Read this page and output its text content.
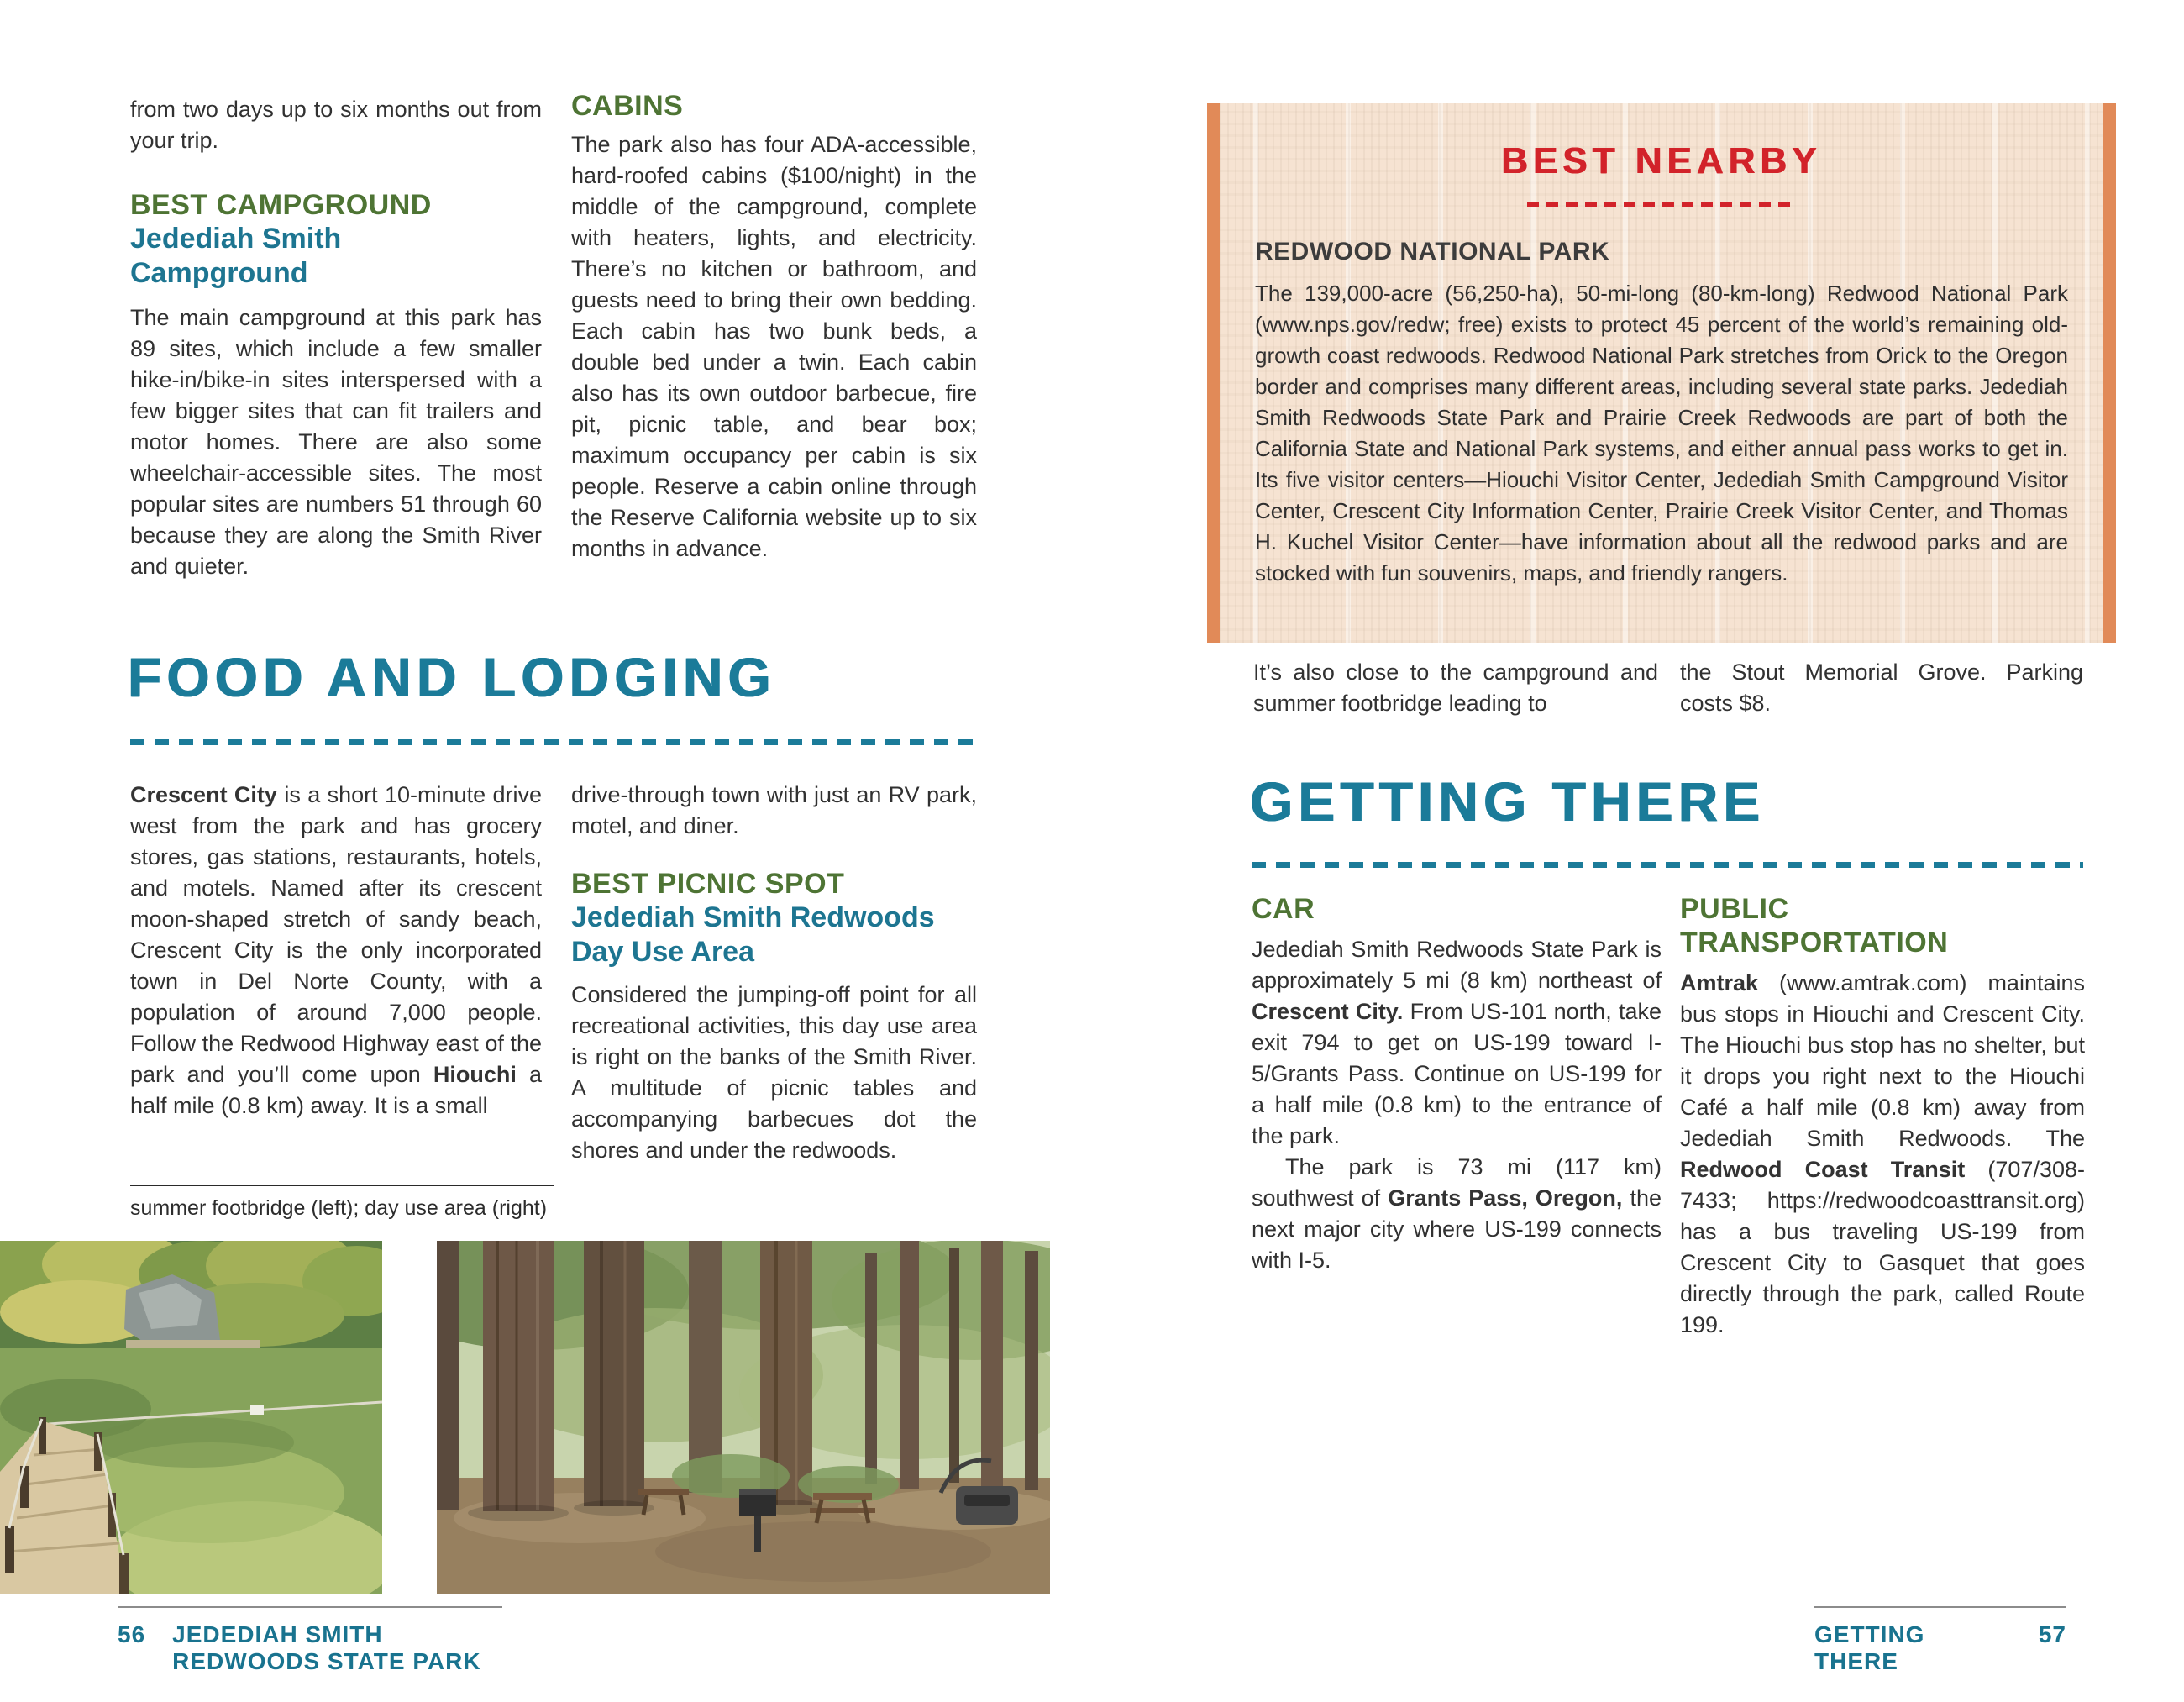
from two days up to six months out from your trip.

BEST CAMPGROUND
Jedediah Smith Campground

The main campground at this park has 89 sites, which include a few smaller hike-in/bike-in sites interspersed with a few bigger sites that can fit trailers and motor homes. There are also some wheelchair-accessible sites. The most popular sites are numbers 51 through 60 because they are along the Smith River and quieter.

CABINS

The park also has four ADA-accessible, hard-roofed cabins ($100/night) in the middle of the campground, complete with heaters, lights, and electricity. There’s no kitchen or bathroom, and guests need to bring their own bedding. Each cabin has two bunk beds, a double bed under a twin. Each cabin also has its own outdoor barbecue, fire pit, picnic table, and bear box; maximum occupancy per cabin is six people. Reserve a cabin online through the Reserve California website up to six months in advance.

FOOD AND LODGING

Crescent City is a short 10-minute drive west from the park and has grocery stores, gas stations, restaurants, hotels, and motels. Named after its crescent moon-shaped stretch of sandy beach, Crescent City is the only incorporated town in Del Norte County, with a population of around 7,000 people. Follow the Redwood Highway east of the park and you’ll come upon Hiouchi a half mile (0.8 km) away. It is a small

drive-through town with just an RV park, motel, and diner.

BEST PICNIC SPOT
Jedediah Smith Redwoods Day Use Area

Considered the jumping-off point for all recreational activities, this day use area is right on the banks of the Smith River. A multitude of picnic tables and accompanying barbecues dot the shores and under the redwoods.

summer footbridge (left); day use area (right)

56 JEDEDIAH SMITH REDWOODS STATE PARK
BEST NEARBY
REDWOOD NATIONAL PARK

The 139,000-acre (56,250-ha), 50-mi-long (80-km-long) Redwood National Park (www.nps.gov/redw; free) exists to protect 45 percent of the world’s remaining old-growth coast redwoods. Redwood National Park stretches from Orick to the Oregon border and comprises many different areas, including several state parks. Jedediah Smith Redwoods State Park and Prairie Creek Redwoods are part of both the California State and National Park systems, and either annual pass works to get in. Its five visitor centers—Hiouchi Visitor Center, Jedediah Smith Campground Visitor Center, Crescent City Information Center, Prairie Creek Visitor Center, and Thomas H. Kuchel Visitor Center—have information about all the redwood parks and are stocked with fun souvenirs, maps, and friendly rangers.

It’s also close to the campground and summer footbridge leading to

the Stout Memorial Grove. Parking costs $8.

GETTING THERE
CAR

Jedediah Smith Redwoods State Park is approximately 5 mi (8 km) northeast of Crescent City. From US-101 north, take exit 794 to get on US-199 toward I-5/Grants Pass. Continue on US-199 for a half mile (0.8 km) to the entrance of the park.

The park is 73 mi (117 km) southwest of Grants Pass, Oregon, the next major city where US-199 connects with I-5.

PUBLIC TRANSPORTATION

Amtrak (www.amtrak.com) maintains bus stops in Hiouchi and Crescent City. The Hiouchi bus stop has no shelter, but it drops you right next to the Hiouchi Café a half mile (0.8 km) away from Jedediah Smith Redwoods. The Redwood Coast Transit (707/308-7433; https://redwoodcoasttransit.org) has a bus traveling US-199 from Crescent City to Gasquet that goes directly through the park, called Route 199.

GETTING THERE
57
